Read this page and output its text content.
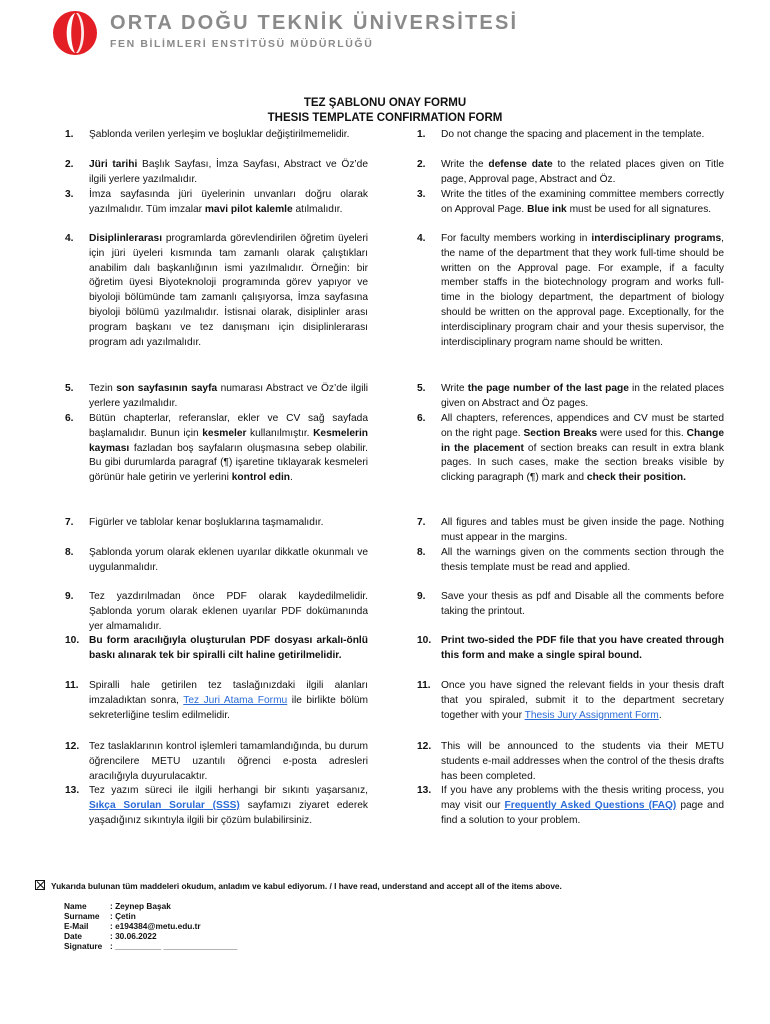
ORTA DOĞU TEKNİK ÜNİVERSİTESİ
FEN BİLİMLERİ ENSTİTÜSÜ MÜDÜRLÜĞÜ
TEZ ŞABLONU ONAY FORMU
THESIS TEMPLATE CONFIRMATION FORM
1.	Şablonda verilen yerleşim ve boşluklar değiştirilmemelidir.
2.	Jüri tarihi Başlık Sayfası, İmza Sayfası, Abstract ve Öz’de ilgili yerlere yazılmalıdır.
3.	İmza sayfasında jüri üyelerinin unvanları doğru olarak yazılmalıdır. Tüm imzalar mavi pilot kalemle atılmalıdır.
4.	Disiplinlerarası programlarda görevlendirilen öğretim üyeleri için jüri üyeleri kısmında tam zamanlı olarak çalıştıkları anabilim dalı başkanlığının ismi yazılmalıdır. Örneğin: bir öğretim üyesi Biyoteknoloji programında görev yapıyor ve biyoloji bölümünde tam zamanlı çalışıyorsa, İmza sayfasına biyoloji bölümü yazılmalıdır. İstisnai olarak, disiplinler arası program başkanı ve tez danışmanı için disiplinlerarası program adı yazılmalıdır.
5.	Tezin son sayfasının sayfa numarası Abstract ve Öz’de ilgili yerlere yazılmalıdır.
6.	Bütün chapterlar, referanslar, ekler ve CV sağ sayfada başlamalıdır. Bunun için kesmeler kullanılmıştır. Kesmelerin kayması fazladan boş sayfaların oluşmasına sebep olabilir. Bu gibi durumlarda paragraf (¶) işaretine tıklayarak kesmeleri görünür hale getirin ve yerlerini kontrol edin.
7.	Figürler ve tablolar kenar boşluklarına taşmamalıdır.
8.	Şablonda yorum olarak eklenen uyarılar dikkatle okunmalı ve uygulanmalıdır.
9.	Tez yazdırılmadan önce PDF olarak kaydedilmelidir. Şablonda yorum olarak eklenen uyarılar PDF dokümanında yer almamalıdır.
10. Bu form aracılığıyla oluşturulan PDF dosyası arkalı-önlü baskı alınarak tek bir spiralli cilt haline getirilmelidir.
11.	Spiralli hale getirilen tez taslağınızdaki ilgili alanları imzaladıktan sonra, Tez Juri Atama Formu ile birlikte bölüm sekreterliğine teslim edilmelidir.
12. Tez taslaklarının kontrol işlemleri tamamlandığında, bu durum öğrencilere METU uzantılı öğrenci e-posta adresleri aracılığıyla duyurulacaktır.
13. Tez yazım süreci ile ilgili herhangi bir sıkıntı yaşarsanız, Sıkça Sorulan Sorular (SSS) sayfamızı ziyaret ederek yaşadığınız sıkıntıyla ilgili bir çözüm bulabilirsiniz.
1.	Do not change the spacing and placement in the template.
2.	Write the defense date to the related places given on Title page, Approval page, Abstract and Öz.
3.	Write the titles of the examining committee members correctly on Approval Page. Blue ink must be used for all signatures.
4.	For faculty members working in interdisciplinary programs, the name of the department that they work full-time should be written on the Approval page. For example, if a faculty member staffs in the biotechnology program and works full-time in the biology department, the department of biology should be written on the approval page. Exceptionally, for the interdisciplinary program chair and your thesis supervisor, the interdisciplinary program name should be written.
5.	Write the page number of the last page in the related places given on Abstract and Öz pages.
6.	All chapters, references, appendices and CV must be started on the right page. Section Breaks were used for this. Change in the placement of section breaks can result in extra blank pages. In such cases, make the section breaks visible by clicking paragraph (¶) mark and check their position.
7.	All figures and tables must be given inside the page. Nothing must appear in the margins.
8.	All the warnings given on the comments section through the thesis template must be read and applied.
9.	Save your thesis as pdf and Disable all the comments before taking the printout.
10. Print two-sided the PDF file that you have created through this form and make a single spiral bound.
11.	Once you have signed the relevant fields in your thesis draft that you spiraled, submit it to the department secretary together with your Thesis Jury Assignment Form.
12. This will be announced to the students via their METU students e-mail addresses when the control of the thesis drafts has been completed.
13. If you have any problems with the thesis writing process, you may visit our Frequently Asked Questions (FAQ) page and find a solution to your problem.
Yukarıda bulunan tüm maddeleri okudum, anladım ve kabul ediyorum. / I have read, understand and accept all of the items above.
Name	: Zeynep Başak
Surname	: Çetin
E-Mail	: e194384@metu.edu.tr
Date	: 30.06.2022
Signature : __________ ________________
